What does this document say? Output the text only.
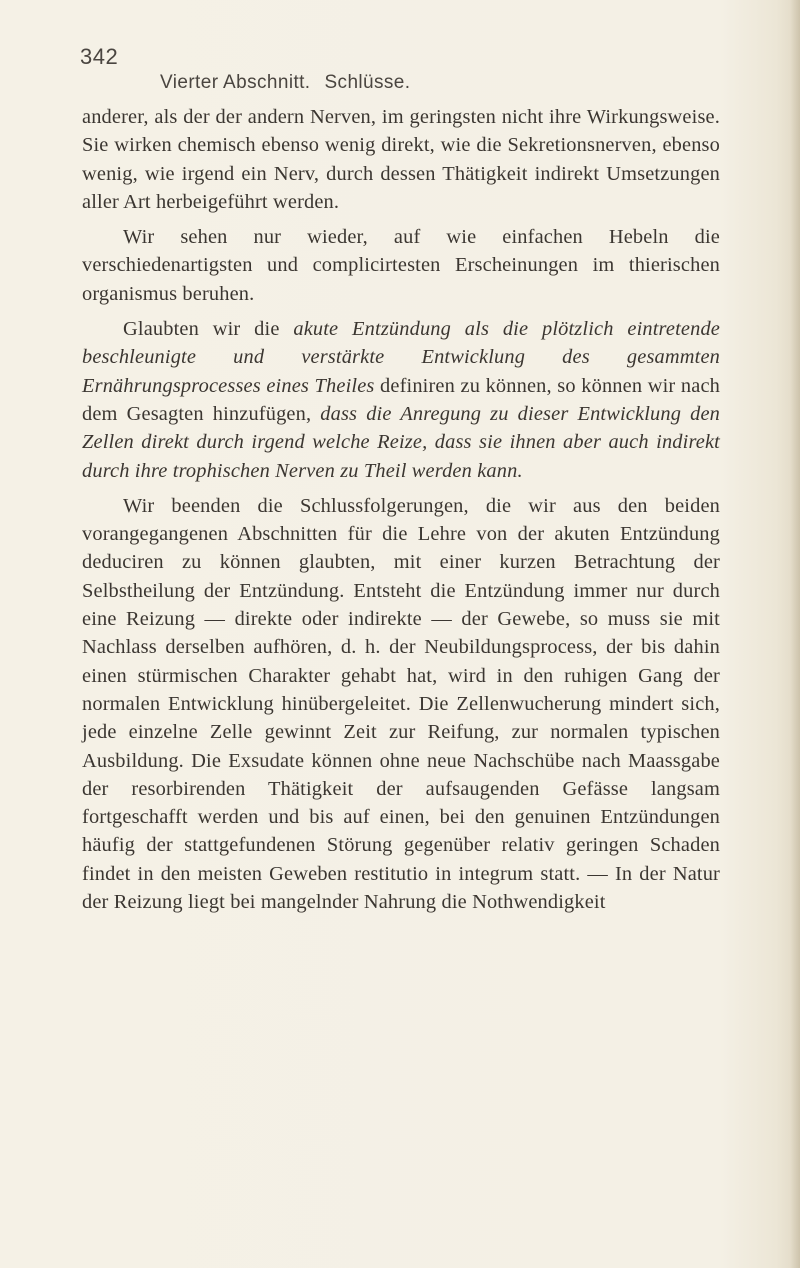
342
Vierter Abschnitt. Schlüsse.

anderer, als der der andern Nerven, im geringsten nicht ihre Wirkungsweise. Sie wirken chemisch ebenso wenig direkt, wie die Sekretionsnerven, ebenso wenig, wie irgend ein Nerv, durch dessen Thätigkeit indirekt Umsetzungen aller Art herbeigeführt werden.

Wir sehen nur wieder, auf wie einfachen Hebeln die verschiedenartigsten und complicirtesten Erscheinungen im thierischen organismus beruhen.

Glaubten wir die akute Entzündung als die plötzlich eintretende beschleunigte und verstärkte Entwicklung des gesammten Ernährungsprocesses eines Theiles definiren zu können, so können wir nach dem Gesagten hinzufügen, dass die Anregung zu dieser Entwicklung den Zellen direkt durch irgend welche Reize, dass sie ihnen aber auch indirekt durch ihre trophischen Nerven zu Theil werden kann.

Wir beenden die Schlussfolgerungen, die wir aus den beiden vorangegangenen Abschnitten für die Lehre von der akuten Entzündung deduciren zu können glaubten, mit einer kurzen Betrachtung der Selbstheilung der Entzündung. Entsteht die Entzündung immer nur durch eine Reizung — direkte oder indirekte — der Gewebe, so muss sie mit Nachlass derselben aufhören, d. h. der Neubildungsprocess, der bis dahin einen stürmischen Charakter gehabt hat, wird in den ruhigen Gang der normalen Entwicklung hinübergeleitet. Die Zellenwucherung mindert sich, jede einzelne Zelle gewinnt Zeit zur Reifung, zur normalen typischen Ausbildung. Die Exsudate können ohne neue Nachschübe nach Maassgabe der resorbirenden Thätigkeit der aufsaugenden Gefässe langsam fortgeschafft werden und bis auf einen, bei den genuinen Entzündungen häufig der stattgefundenen Störung gegenüber relativ geringen Schaden findet in den meisten Geweben restitutio in integrum statt. — In der Natur der Reizung liegt bei mangelnder Nahrung die Nothwendigkeit
